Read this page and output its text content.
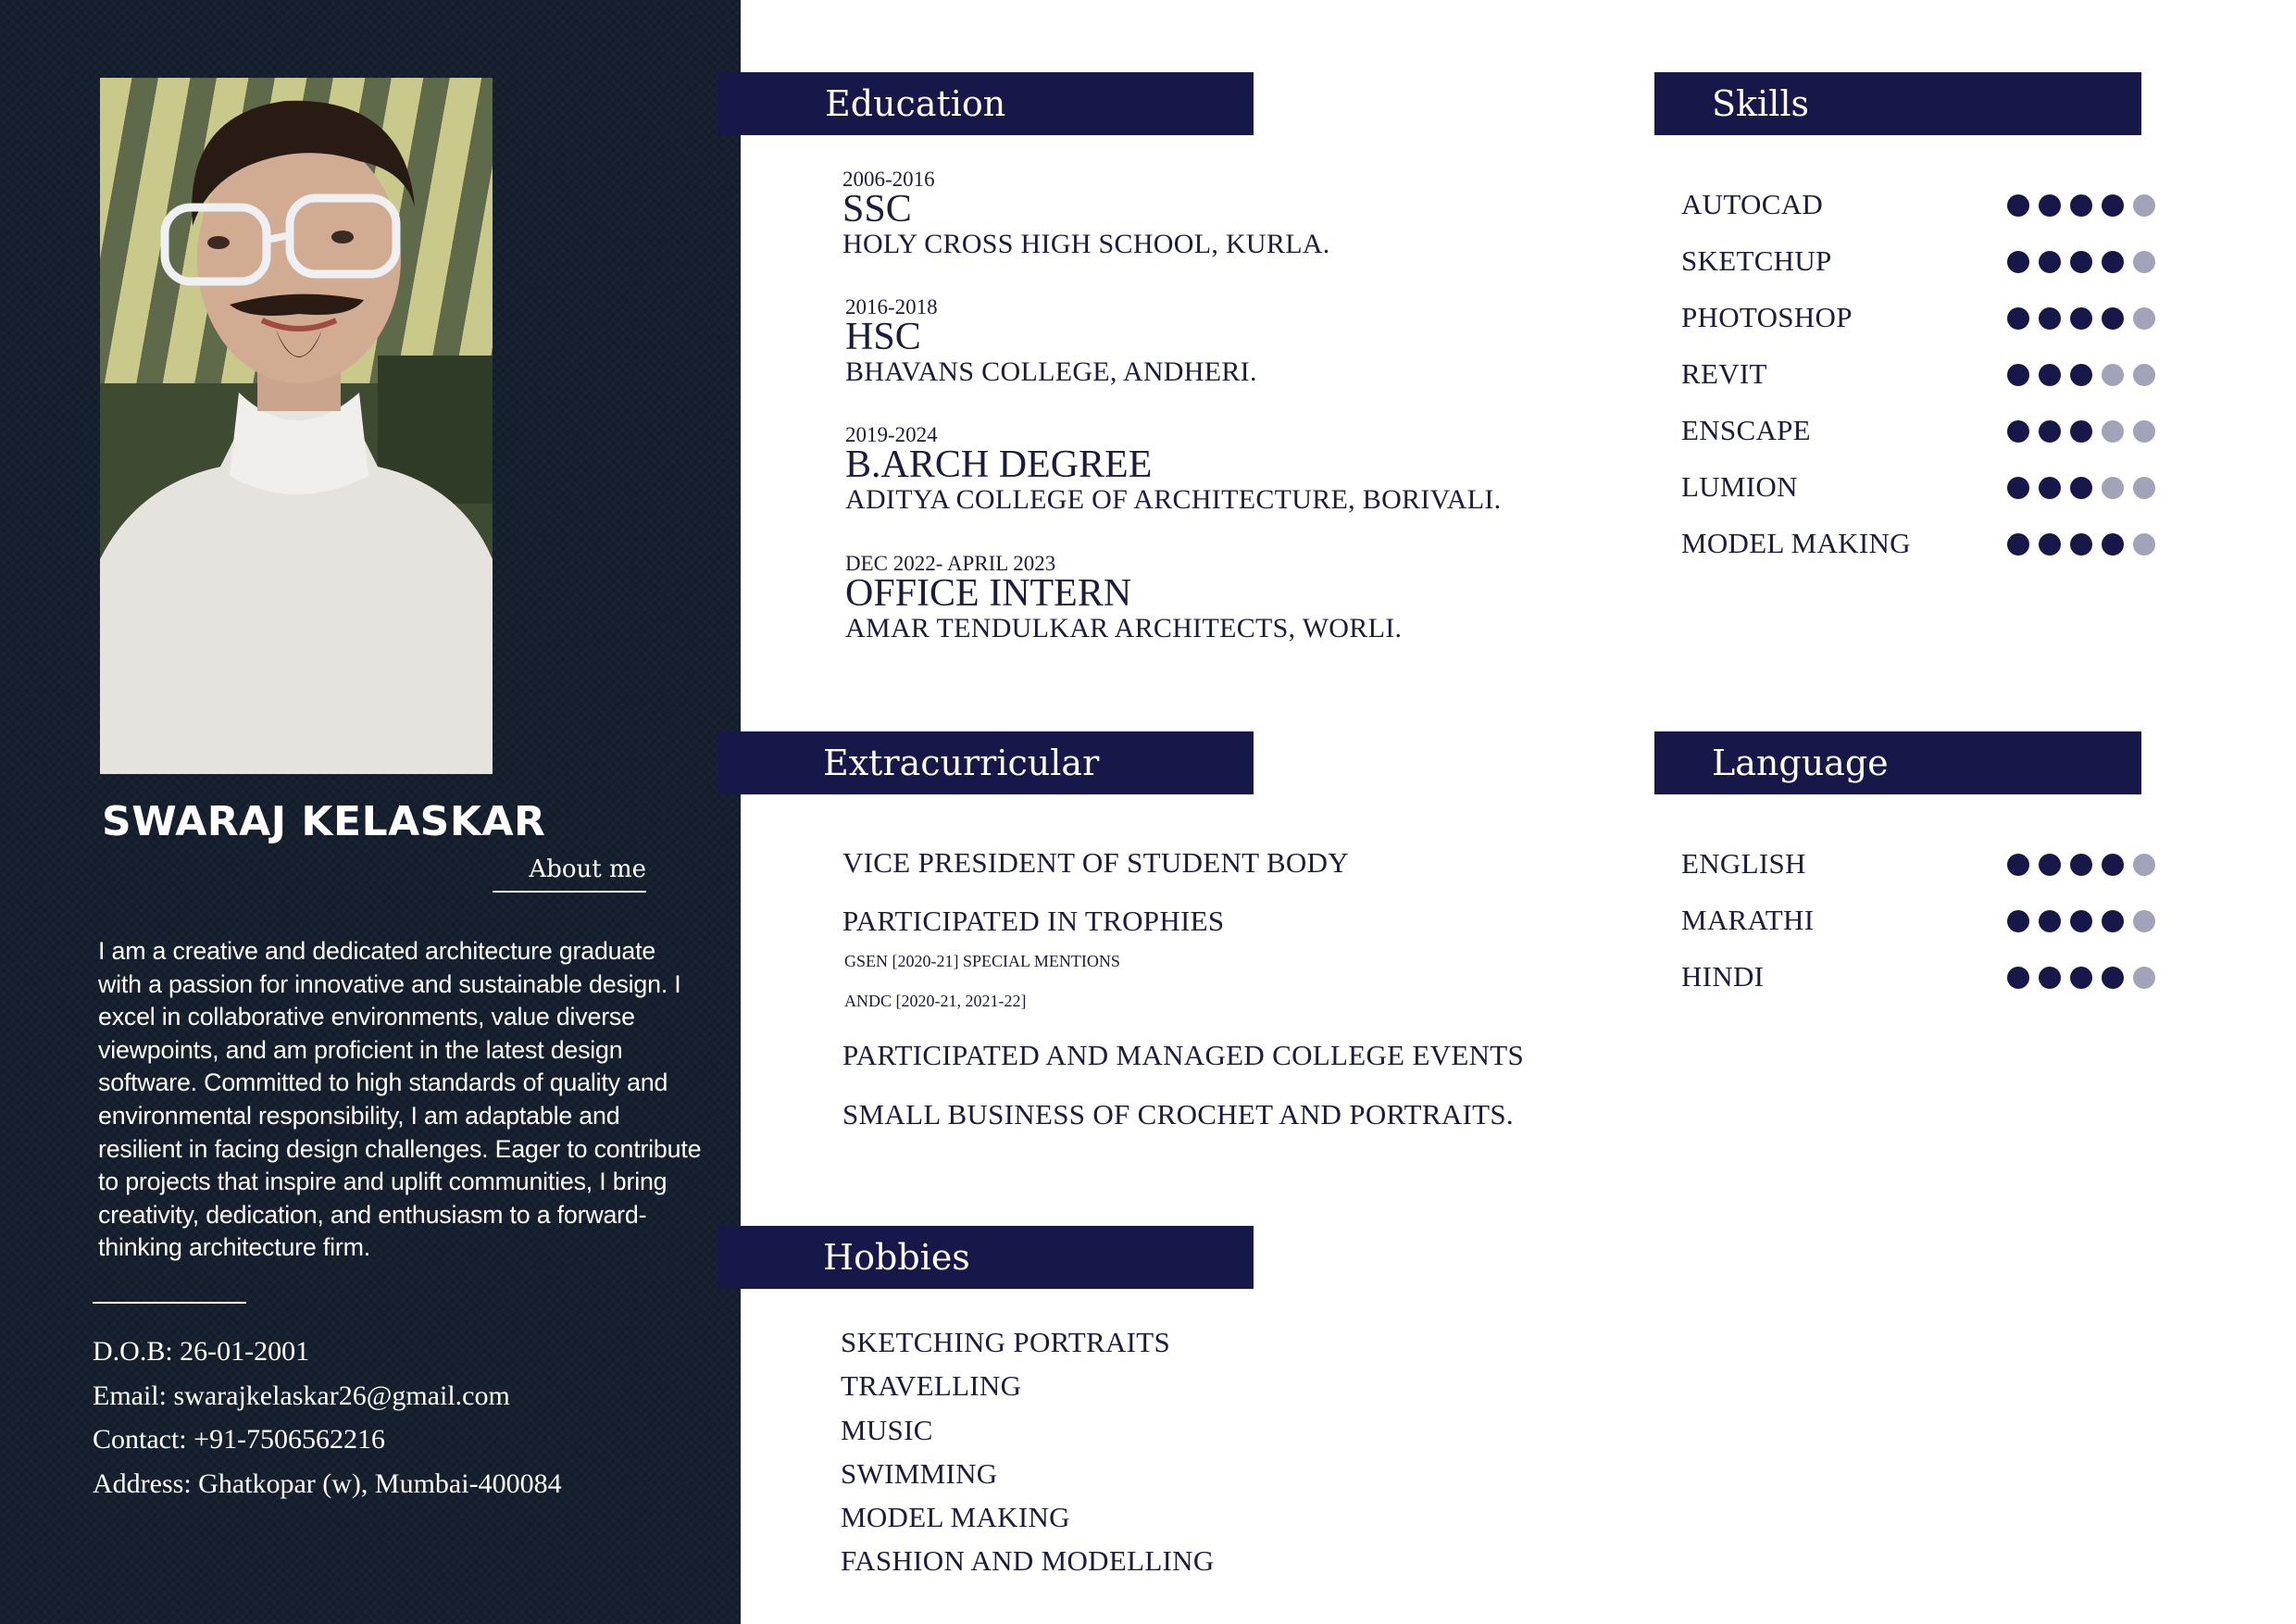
SWARAJ KELASKAR
About me
I am a creative and dedicated architecture graduate with a passion for innovative and sustainable design. I excel in collaborative environments, value diverse viewpoints, and am proficient in the latest design software. Committed to high standards of quality and environmental responsibility, I am adaptable and resilient in facing design challenges. Eager to contribute to projects that inspire and uplift communities, I bring creativity, dedication, and enthusiasm to a forward-thinking architecture firm.
D.O.B: 26-01-2001
Email: swarajkelaskar26@gmail.com
Contact: +91-7506562216
Address: Ghatkopar (w), Mumbai-400084
Education
2006-2016
SSC
HOLY CROSS HIGH SCHOOL, KURLA.
2016-2018
HSC
BHAVANS COLLEGE, ANDHERI.
2019-2024
B.ARCH DEGREE
ADITYA COLLEGE OF ARCHITECTURE, BORIVALI.
DEC 2022- APRIL 2023
OFFICE INTERN
AMAR TENDULKAR ARCHITECTS, WORLI.
Extracurricular
VICE PRESIDENT OF STUDENT BODY
PARTICIPATED IN TROPHIES
GSEN [2020-21] SPECIAL MENTIONS
ANDC [2020-21, 2021-22]
PARTICIPATED AND MANAGED COLLEGE EVENTS
SMALL BUSINESS OF CROCHET AND PORTRAITS.
Hobbies
SKETCHING PORTRAITS
TRAVELLING
MUSIC
SWIMMING
MODEL MAKING
FASHION AND MODELLING
Skills
AUTOCAD
SKETCHUP
PHOTOSHOP
REVIT
ENSCAPE
LUMION
MODEL MAKING
Language
ENGLISH
MARATHI
HINDI
